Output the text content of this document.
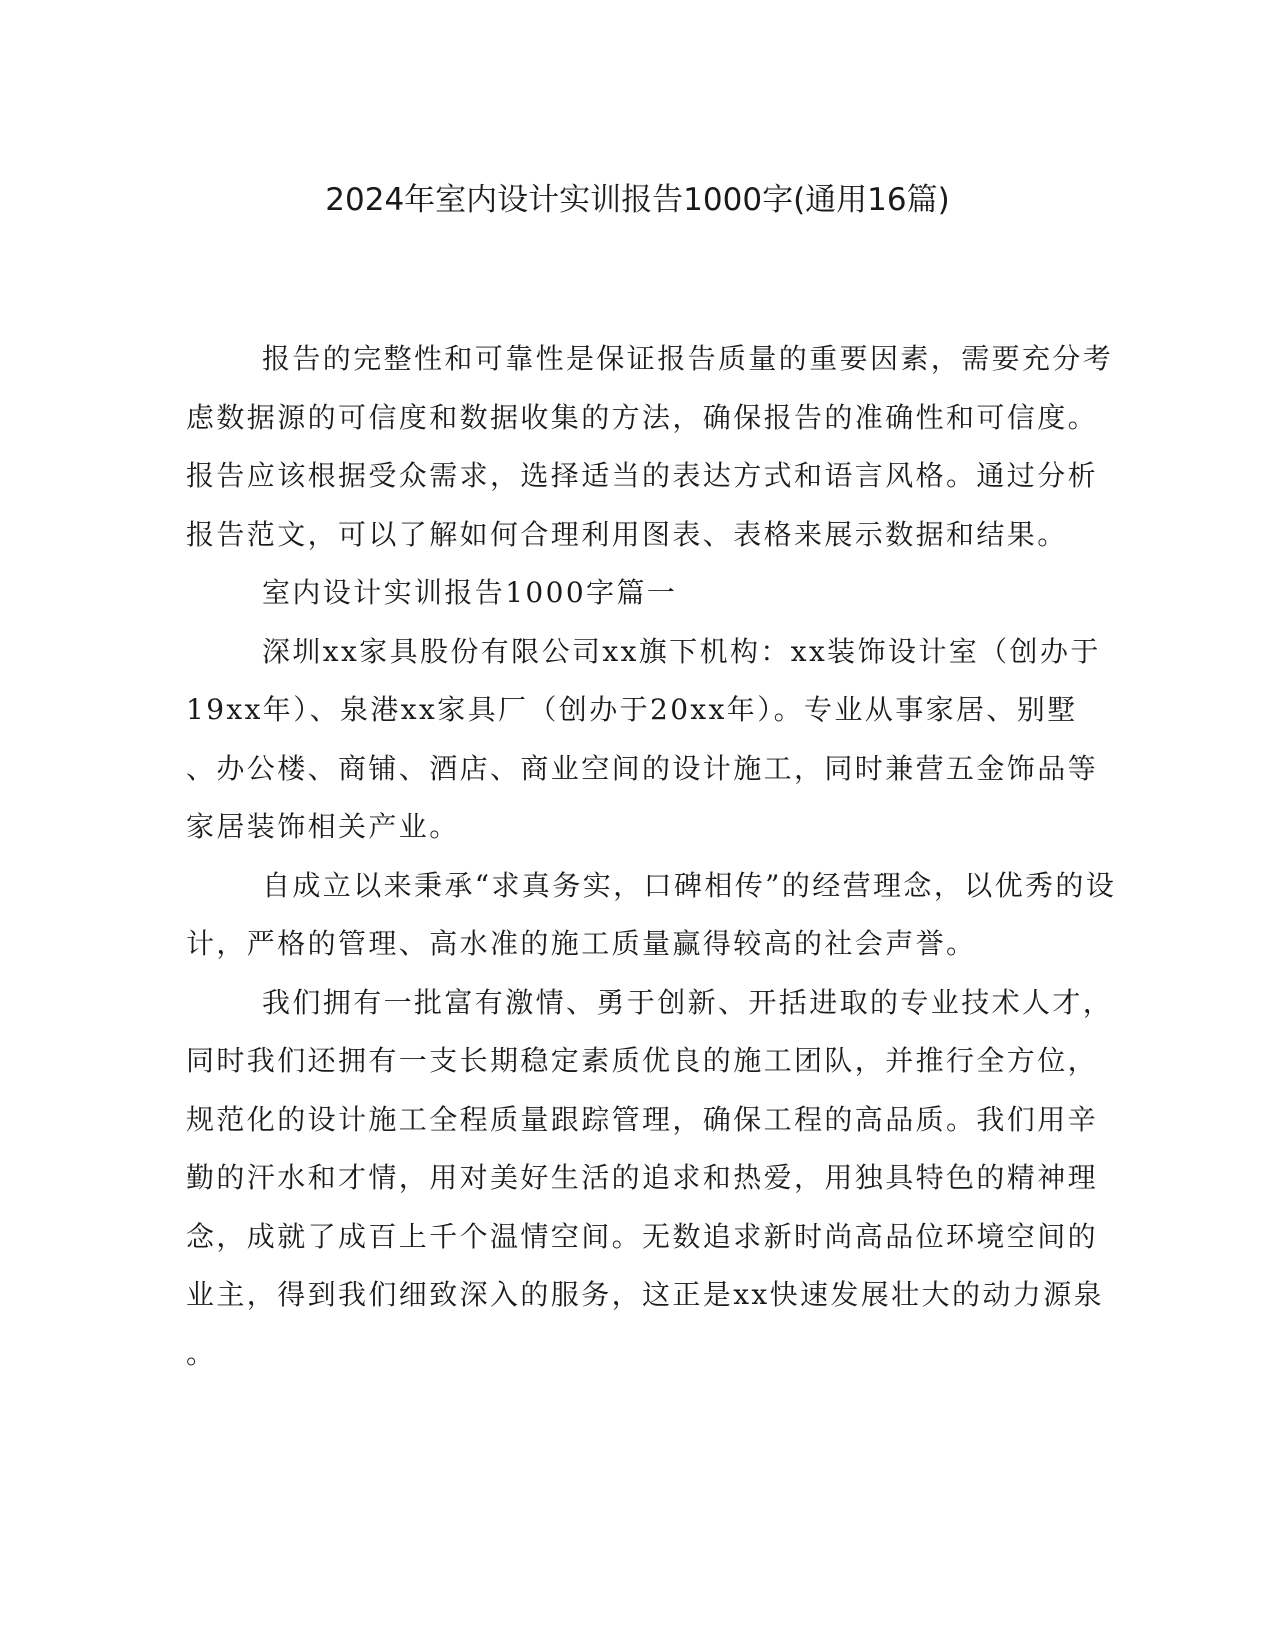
2024年室内设计实训报告1000字(通用16篇)
报告的完整性和可靠性是保证报告质量的重要因素，需要充分考
虑数据源的可信度和数据收集的方法，确保报告的准确性和可信度。
报告应该根据受众需求，选择适当的表达方式和语言风格。通过分析
报告范文，可以了解如何合理利用图表、表格来展示数据和结果。
室内设计实训报告1000字篇一
深圳xx家具股份有限公司xx旗下机构：xx装饰设计室（创办于
19xx年）、泉港xx家具厂（创办于20xx年）。专业从事家居、别墅
、办公楼、商铺、酒店、商业空间的设计施工，同时兼营五金饰品等
家居装饰相关产业。
自成立以来秉承“求真务实，口碑相传”的经营理念，以优秀的设
计，严格的管理、高水准的施工质量赢得较高的社会声誉。
我们拥有一批富有激情、勇于创新、开括进取的专业技术人才，
同时我们还拥有一支长期稳定素质优良的施工团队，并推行全方位，
规范化的设计施工全程质量跟踪管理，确保工程的高品质。我们用辛
勤的汗水和才情，用对美好生活的追求和热爱，用独具特色的精神理
念，成就了成百上千个温情空间。无数追求新时尚高品位环境空间的
业主，得到我们细致深入的服务，这正是xx快速发展壮大的动力源泉
。
